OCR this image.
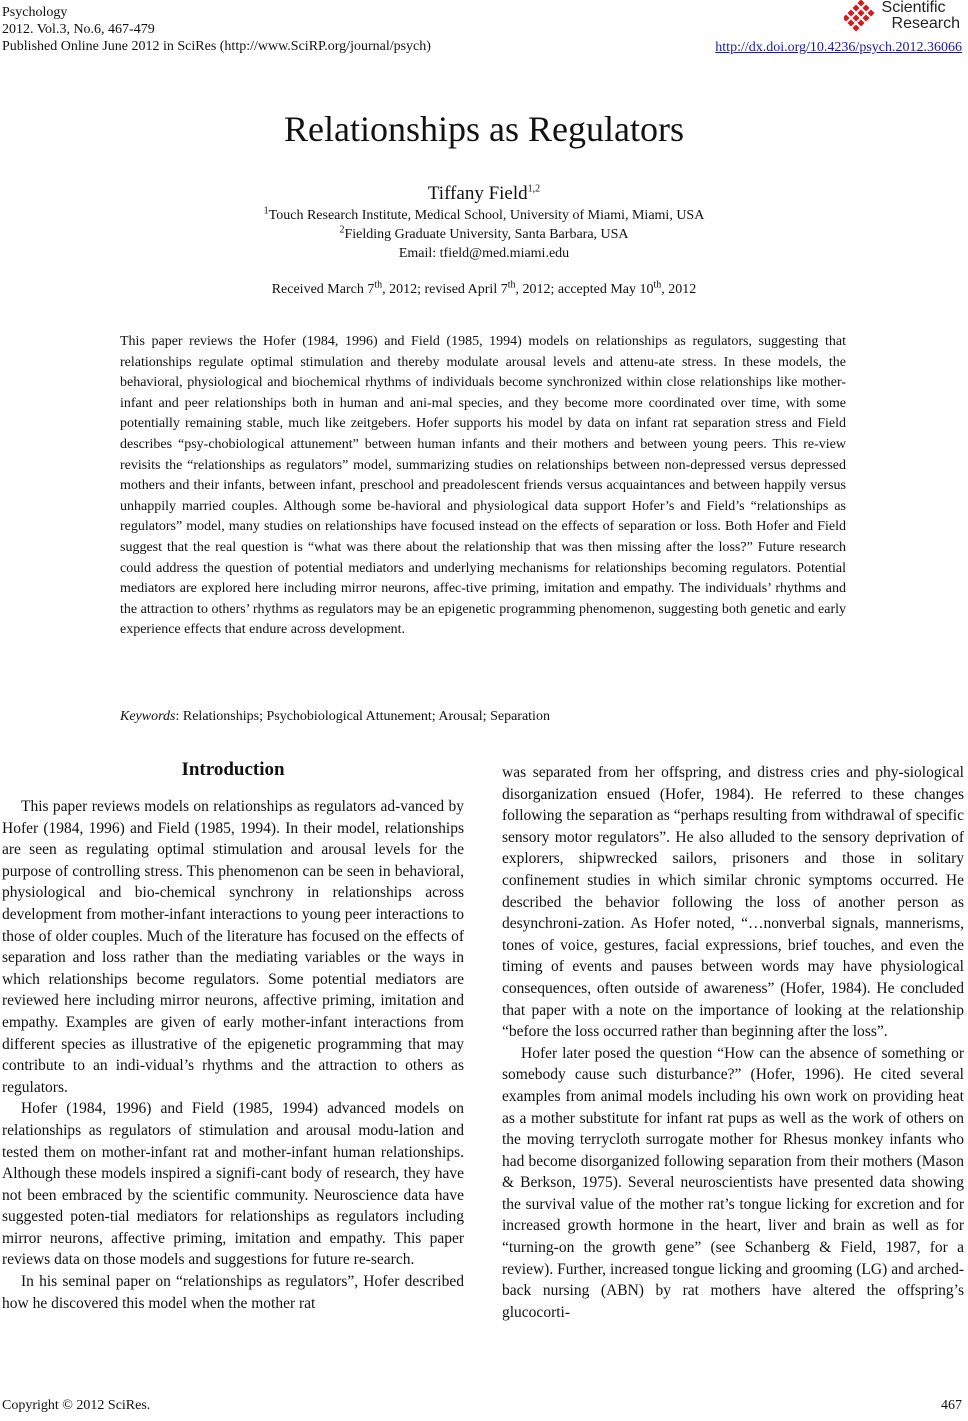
Psychology
2012. Vol.3, No.6, 467-479
Published Online June 2012 in SciRes (http://www.SciRP.org/journal/psych)	http://dx.doi.org/10.4236/psych.2012.36066
Scientific
Research
Relationships as Regulators
Tiffany Field$^{1,2}$
$^1$Touch Research Institute, Medical School, University of Miami, Miami, USA
$^2$Fielding Graduate University, Santa Barbara, USA
Email: tfield@med.miami.edu
Received March 7th, 2012; revised April 7th, 2012; accepted May 10th, 2012
This paper reviews the Hofer (1984, 1996) and Field (1985, 1994) models on relationships as regulators, suggesting that relationships regulate optimal stimulation and thereby modulate arousal levels and attenu-ate stress. In these models, the behavioral, physiological and biochemical rhythms of individuals become synchronized within close relationships like mother-infant and peer relationships both in human and ani-mal species, and they become more coordinated over time, with some potentially remaining stable, much like zeitgebers. Hofer supports his model by data on infant rat separation stress and Field describes “psy-chobiological attunement” between human infants and their mothers and between young peers. This re-view revisits the “relationships as regulators” model, summarizing studies on relationships between non-depressed versus depressed mothers and their infants, between infant, preschool and preadolescent friends versus acquaintances and between happily versus unhappily married couples. Although some be-havioral and physiological data support Hofer’s and Field’s “relationships as regulators” model, many studies on relationships have focused instead on the effects of separation or loss. Both Hofer and Field suggest that the real question is “what was there about the relationship that was then missing after the loss?” Future research could address the question of potential mediators and underlying mechanisms for relationships becoming regulators. Potential mediators are explored here including mirror neurons, affec-tive priming, imitation and empathy. The individuals’ rhythms and the attraction to others’ rhythms as regulators may be an epigenetic programming phenomenon, suggesting both genetic and early experience effects that endure across development.
Keywords: Relationships; Psychobiological Attunement; Arousal; Separation
Introduction

This paper reviews models on relationships as regulators ad-vanced by Hofer (1984, 1996) and Field (1985, 1994). In their model, relationships are seen as regulating optimal stimulation and arousal levels for the purpose of controlling stress. This phenomenon can be seen in behavioral, physiological and bio-chemical synchrony in relationships across development from mother-infant interactions to young peer interactions to those of older couples. Much of the literature has focused on the effects of separation and loss rather than the mediating variables or the ways in which relationships become regulators. Some potential mediators are reviewed here including mirror neurons, affective priming, imitation and empathy. Examples are given of early mother-infant interactions from different species as illustrative of the epigenetic programming that may contribute to an indi-vidual’s rhythms and the attraction to others as regulators.

Hofer (1984, 1996) and Field (1985, 1994) advanced models on relationships as regulators of stimulation and arousal modu-lation and tested them on mother-infant rat and mother-infant human relationships. Although these models inspired a signifi-cant body of research, they have not been embraced by the scientific community. Neuroscience data have suggested poten-tial mediators for relationships as regulators including mirror neurons, affective priming, imitation and empathy. This paper reviews data on those models and suggestions for future re-search.

In his seminal paper on “relationships as regulators”, Hofer described how he discovered this model when the mother rat

was separated from her offspring, and distress cries and phy-siological disorganization ensued (Hofer, 1984). He referred to these changes following the separation as “perhaps resulting from withdrawal of specific sensory motor regulators”. He also alluded to the sensory deprivation of explorers, shipwrecked sailors, prisoners and those in solitary confinement studies in which similar chronic symptoms occurred. He described the behavior following the loss of another person as desynchroni-zation. As Hofer noted, “…nonverbal signals, mannerisms, tones of voice, gestures, facial expressions, brief touches, and even the timing of events and pauses between words may have physiological consequences, often outside of awareness” (Hofer, 1984). He concluded that paper with a note on the importance of looking at the relationship “before the loss occurred rather than beginning after the loss”.

Hofer later posed the question “How can the absence of something or somebody cause such disturbance?” (Hofer, 1996). He cited several examples from animal models including his own work on providing heat as a mother substitute for infant rat pups as well as the work of others on the moving terrycloth surrogate mother for Rhesus monkey infants who had become disorganized following separation from their mothers (Mason & Berkson, 1975). Several neuroscientists have presented data showing the survival value of the mother rat’s tongue licking for excretion and for increased growth hormone in the heart, liver and brain as well as for “turning-on the growth gene” (see Schanberg & Field, 1987, for a review). Further, increased tongue licking and grooming (LG) and arched-back nursing (ABN) by rat mothers have altered the offspring’s glucocorti-

Copyright © 2012 SciRes.	467
